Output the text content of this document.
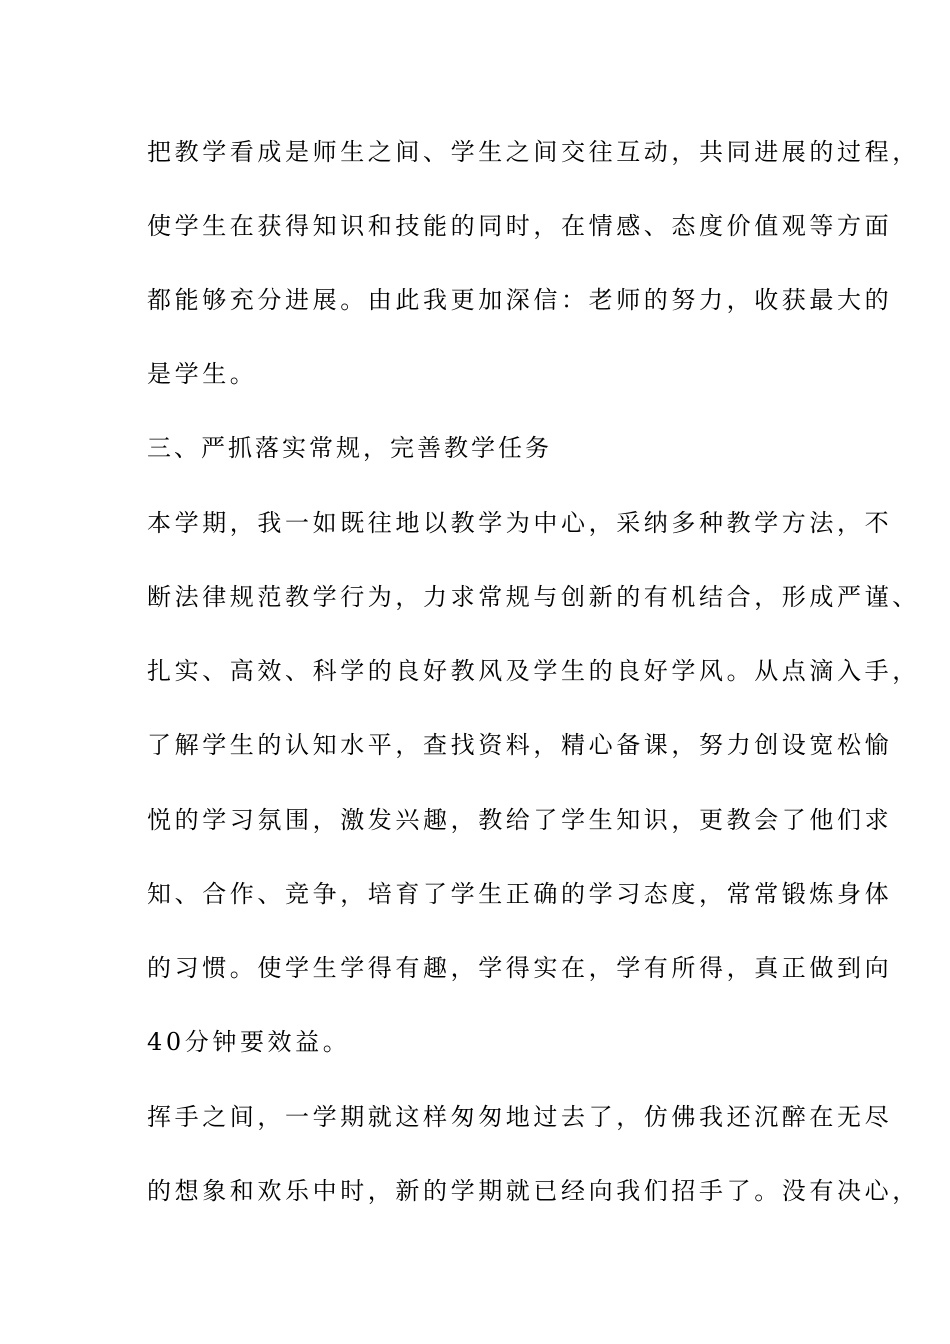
把教学看成是师生之间、学生之间交往互动，共同进展的过程，
使学生在获得知识和技能的同时，在情感、态度价值观等方面
都能够充分进展。由此我更加深信：老师的努力，收获最大的
是学生。
三、严抓落实常规，完善教学任务
本学期，我一如既往地以教学为中心，采纳多种教学方法，不
断法律规范教学行为，力求常规与创新的有机结合，形成严谨、
扎实、高效、科学的良好教风及学生的良好学风。从点滴入手，
了解学生的认知水平，查找资料，精心备课，努力创设宽松愉
悦的学习氛围，激发兴趣，教给了学生知识，更教会了他们求
知、合作、竞争，培育了学生正确的学习态度，常常锻炼身体
的习惯。使学生学得有趣，学得实在，学有所得，真正做到向
40分钟要效益。
挥手之间，一学期就这样匆匆地过去了，仿佛我还沉醉在无尽
的想象和欢乐中时，新的学期就已经向我们招手了。没有决心，
